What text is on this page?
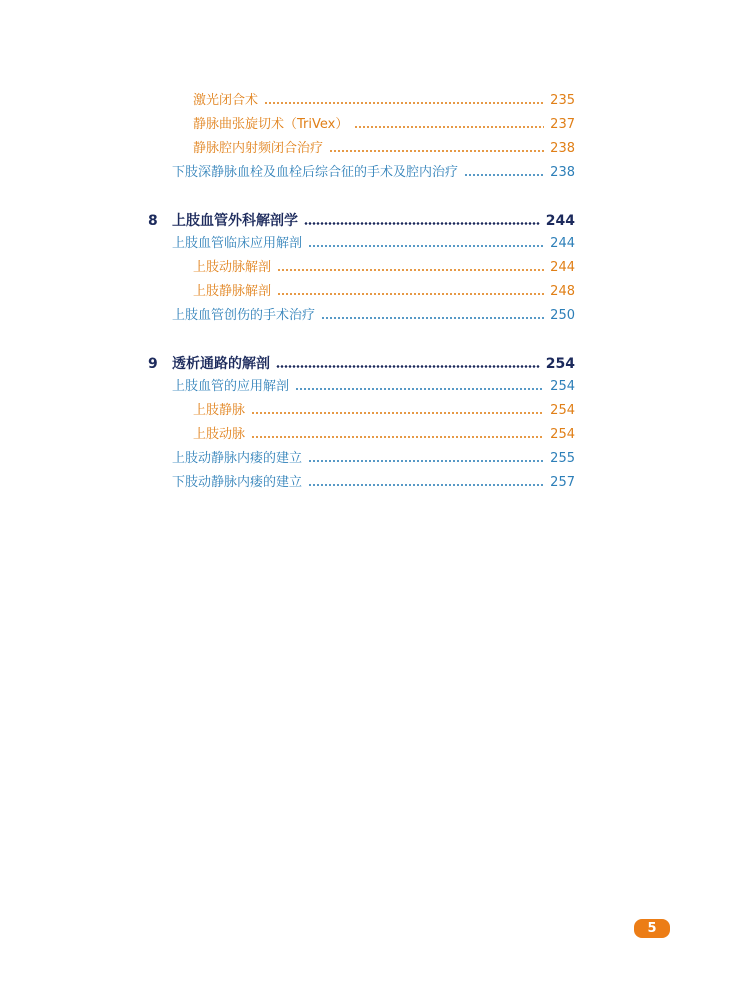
激光闭合术	235
静脉曲张旋切术（TriVex）	237
静脉腔内射频闭合治疗	238
下肢深静脉血栓及血栓后综合征的手术及腔内治疗	238
8	上肢血管外科解剖学	244
上肢血管临床应用解剖	244
上肢动脉解剖	244
上肢静脉解剖	248
上肢血管创伤的手术治疗	250
9	透析通路的解剖	254
上肢血管的应用解剖	254
上肢静脉	254
上肢动脉	254
上肢动静脉内瘘的建立	255
下肢动静脉内瘘的建立	257
5
